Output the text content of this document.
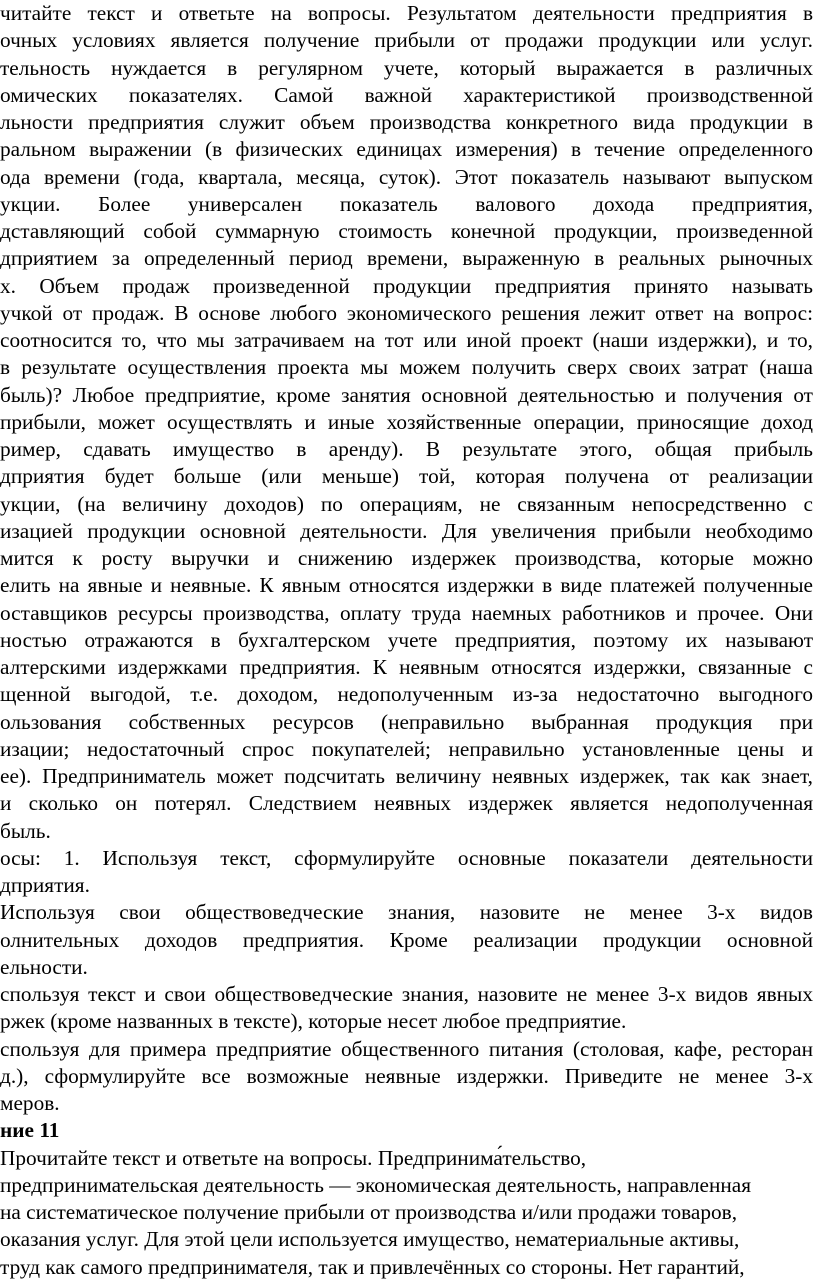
читайте текст и ответьте на вопросы. Результатом деятельности предприятия в
очных условиях является получение прибыли от продажи продукции или услуг.
тельность нуждается в регулярном учете, который выражается в различных
омических показателях. Самой важной характеристикой производственной
льности предприятия служит объем производства конкретного вида продукции в
ральном выражении (в физических единицах измерения) в течение определенного
ода времени (года, квартала, месяца, суток). Этот показатель называют выпуском
укции. Более универсален показатель валового дохода предприятия,
дставляющий собой суммарную стоимость конечной продукции, произведенной
дприятием за определенный период времени, выраженную в реальных рыночных
х. Объем продаж произведенной продукции предприятия принято называть
учкой от продаж. В основе любого экономического решения лежит ответ на вопрос:
соотносится то, что мы затрачиваем на тот или иной проект (наши издержки), и то,
в результате осуществления проекта мы можем получить сверх своих затрат (наша
быль)? Любое предприятие, кроме занятия основной деятельностью и получения от
прибыли, может осуществлять и иные хозяйственные операции, приносящие доход
ример, сдавать имущество в аренду). В результате этого, общая прибыль
дприятия будет больше (или меньше) той, которая получена от реализации
укции, (на величину доходов) по операциям, не связанным непосредственно с
изацией продукции основной деятельности. Для увеличения прибыли необходимо
мится к росту выручки и снижению издержек производства, которые можно
елить на явные и неявные. К явным относятся издержки в виде платежей полученные
оставщиков ресурсы производства, оплату труда наемных работников и прочее. Они
ностью отражаются в бухгалтерском учете предприятия, поэтому их называют
алтерскими издержками предприятия. К неявным относятся издержки, связанные с
щенной выгодой, т.е. доходом, недополученным из-за недостаточно выгодного
ользования собственных ресурсов (неправильно выбранная продукция при
изации; недостаточный спрос покупателей; неправильно установленные цены и
ее). Предприниматель может подсчитать величину неявных издержек, так как знает,
и сколько он потерял. Следствием неявных издержек является недополученная
быль.
осы: 1. Используя текст, сформулируйте основные показатели деятельности
дприятия.
Используя свои обществоведческие знания, назовите не менее 3-х видов
олнительных доходов предприятия. Кроме реализации продукции основной
ельности.
спользуя текст и свои обществоведческие знания, назовите не менее 3-х видов явных
ржек (кроме названных в тексте), которые несет любое предприятие.
спользуя для примера предприятие общественного питания (столовая, кафе, ресторан
д.), сформулируйте все возможные неявные издержки. Приведите не менее 3-х
меров.
ние 11
Прочитайте текст и ответьте на вопросы. Предпринима́тельство,
предпринимательская деятельность — экономическая деятельность, направленная
на систематическое получение прибыли от производства и/или продажи товаров,
оказания услуг. Для этой цели используется имущество, нематериальные активы,
труд как самого предпринимателя, так и привлечённых со стороны. Нет гарантий,
